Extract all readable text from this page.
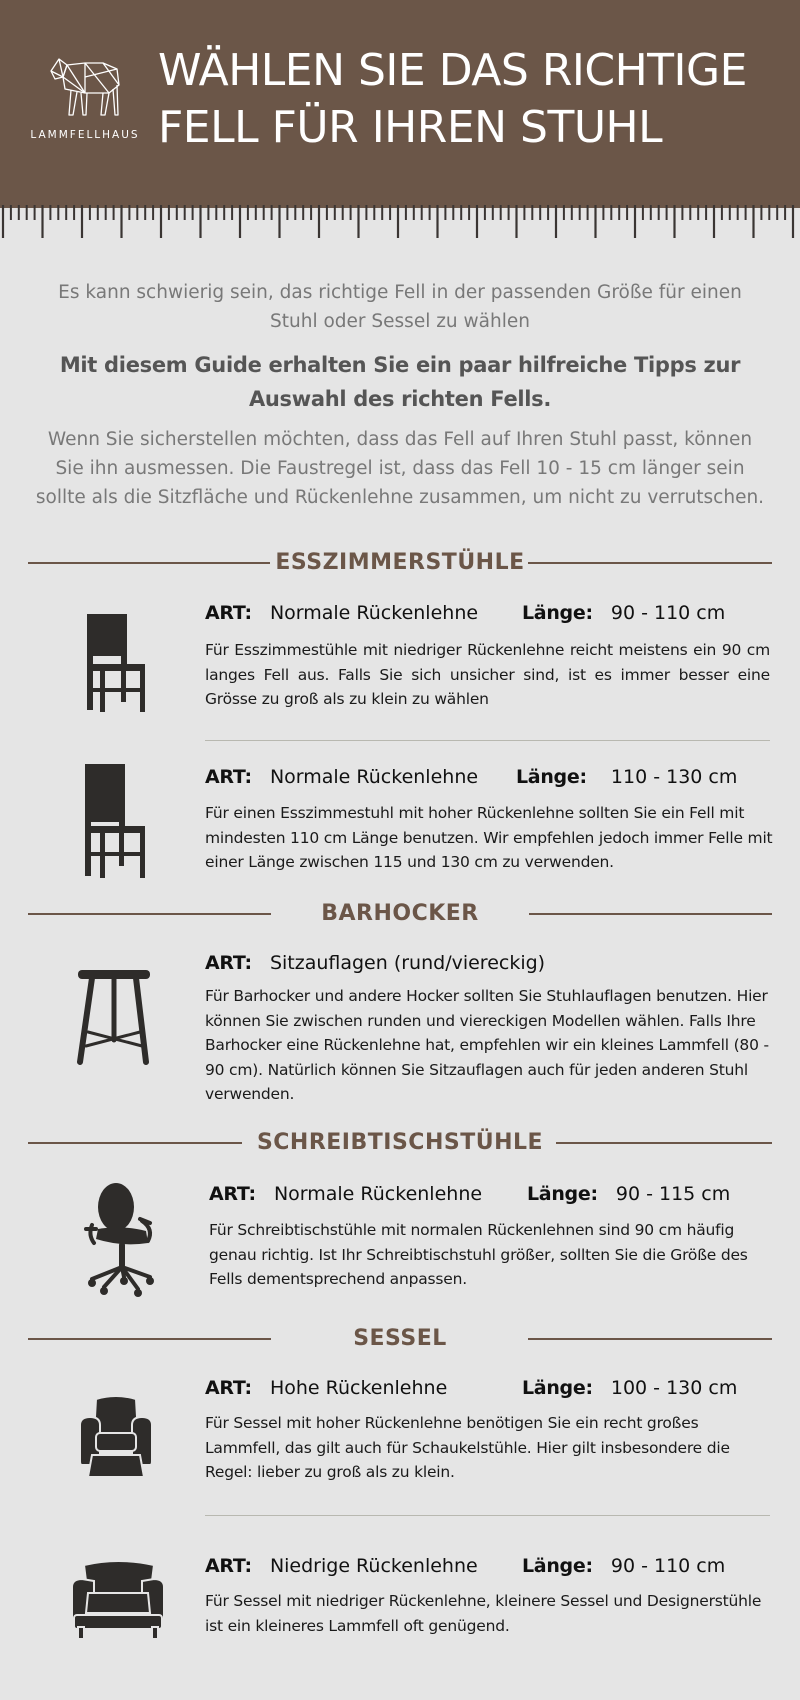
LAMMFELLHAUS
WÄHLEN SIE DAS RICHTIGE
FELL FÜR IHREN STUHL

Es kann schwierig sein, das richtige Fell in der passenden Größe für einen Stuhl oder Sessel zu wählen

Mit diesem Guide erhalten Sie ein paar hilfreiche Tipps zur Auswahl des richten Fells.

Wenn Sie sicherstellen möchten, dass das Fell auf Ihren Stuhl passt, können Sie ihn ausmessen. Die Faustregel ist, dass das Fell 10 - 15 cm länger sein sollte als die Sitzfläche und Rückenlehne zusammen, um nicht zu verrutschen.

ESSZIMMERSTÜHLE
ART: Normale Rückenlehne Länge: 90 - 110 cm

Für Esszimmestühle mit niedriger Rückenlehne reicht meistens ein 90 cm langes Fell aus. Falls Sie sich unsicher sind, ist es immer besser eine Grösse zu groß als zu klein zu wählen

ART: Normale Rückenlehne Länge: 110 - 130 cm

Für einen Esszimmestuhl mit hoher Rückenlehne sollten Sie ein Fell mit mindesten 110 cm Länge benutzen. Wir empfehlen jedoch immer Felle mit einer Länge zwischen 115 und 130 cm zu verwenden.

BARHOCKER
ART: Sitzauflagen (rund/viereckig)

Für Barhocker und andere Hocker sollten Sie Stuhlauflagen benutzen. Hier können Sie zwischen runden und viereckigen Modellen wählen. Falls Ihre Barhocker eine Rückenlehne hat, empfehlen wir ein kleines Lammfell (80 - 90 cm). Natürlich können Sie Sitzauflagen auch für jeden anderen Stuhl verwenden.

SCHREIBTISCHSTÜHLE
ART: Normale Rückenlehne Länge: 90 - 115 cm

Für Schreibtischstühle mit normalen Rückenlehnen sind 90 cm häufig genau richtig. Ist Ihr Schreibtischstuhl größer, sollten Sie die Größe des Fells dementsprechend anpassen.

SESSEL
ART: Hohe Rückenlehne	Länge: 100 - 130 cm

Für Sessel mit hoher Rückenlehne benötigen Sie ein recht großes Lammfell, das gilt auch für Schaukelstühle. Hier gilt insbesondere die Regel: lieber zu groß als zu klein.

ART: Niedrige Rückenlehne Länge: 90 - 110 cm

Für Sessel mit niedriger Rückenlehne, kleinere Sessel und Designerstühle ist ein kleineres Lammfell oft genügend.
